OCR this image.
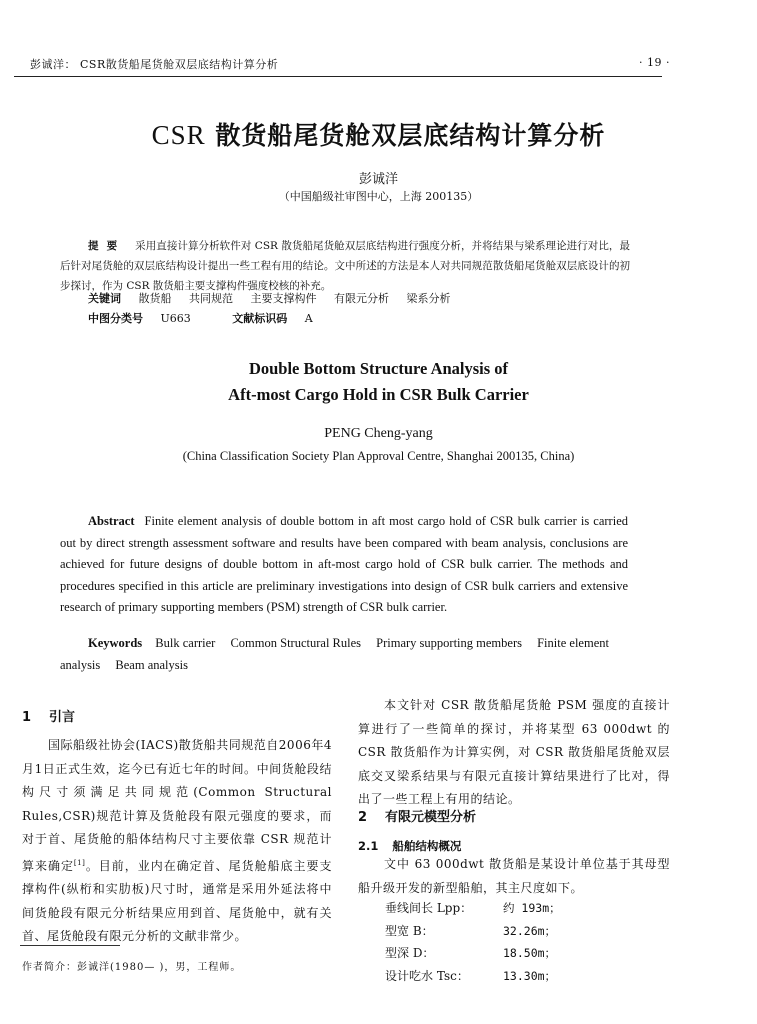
彭诚洋： CSR散货船尾货舱双层底结构计算分析	· 19 ·
CSR 散货船尾货舱双层底结构计算分析
彭诚洋
（中国船级社审图中心，上海 200135）
提要 采用直接计算分析软件对 CSR 散货船尾货舱双层底结构进行强度分析，并将结果与梁系理论进行对比，最后针对尾货舱的双层底结构设计提出一些工程有用的结论。文中所述的方法是本人对共同规范散货船尾货舱双层底设计的初步探讨，作为 CSR 散货船主要支撑构件强度校核的补充。
关键词 散货船 共同规范 主要支撑构件 有限元分析 梁系分析
中图分类号 U663	文献标识码 A
Double Bottom Structure Analysis of
Aft-most Cargo Hold in CSR Bulk Carrier
PENG Cheng-yang
(China Classification Society Plan Approval Centre, Shanghai 200135, China)
Abstract Finite element analysis of double bottom in aft most cargo hold of CSR bulk carrier is carried out by direct strength assessment software and results have been compared with beam analysis, conclusions are achieved for future designs of double bottom in aft-most cargo hold of CSR bulk carrier. The methods and procedures specified in this article are preliminary investigations into design of CSR bulk carriers and extensive research of primary supporting members (PSM) strength of CSR bulk carrier.
Keywords Bulk carrier Common Structural Rules Primary supporting members Finite element analysis Beam analysis
1 引言

国际船级社协会(IACS)散货船共同规范自2006年4月1日正式生效，迄今已有近七年的时间。中间货舱段结构尺寸须满足共同规范(Common Structural Rules,CSR)规范计算及货舱段有限元强度的要求，而对于首、尾货舱的船体结构尺寸主要依靠 CSR 规范计算来确定[1]。目前，业内在确定首、尾货舱船底主要支撑构件(纵桁和实肋板)尺寸时，通常是采用外延法将中间货舱段有限元分析结果应用到首、尾货舱中，就有关首、尾货舱段有限元分析的文献非常少。

作者简介：彭诚洋(1980— )，男，工程师。

本文针对 CSR 散货船尾货舱 PSM 强度的直接计算进行了一些简单的探讨，并将某型 63 000dwt 的 CSR 散货船作为计算实例，对 CSR 散货船尾货舱双层底交叉梁系结果与有限元直接计算结果进行了比对，得出了一些工程上有用的结论。

2 有限元模型分析
2.1 船舶结构概况

文中 63 000dwt 散货船是某设计单位基于其母型船升级开发的新型船舶，其主尺度如下。

垂线间长 Lpp：	约 193m；
型宽 B：	32.26m；
型深 D：	18.50m；
设计吃水 Tsc：	13.30m；
